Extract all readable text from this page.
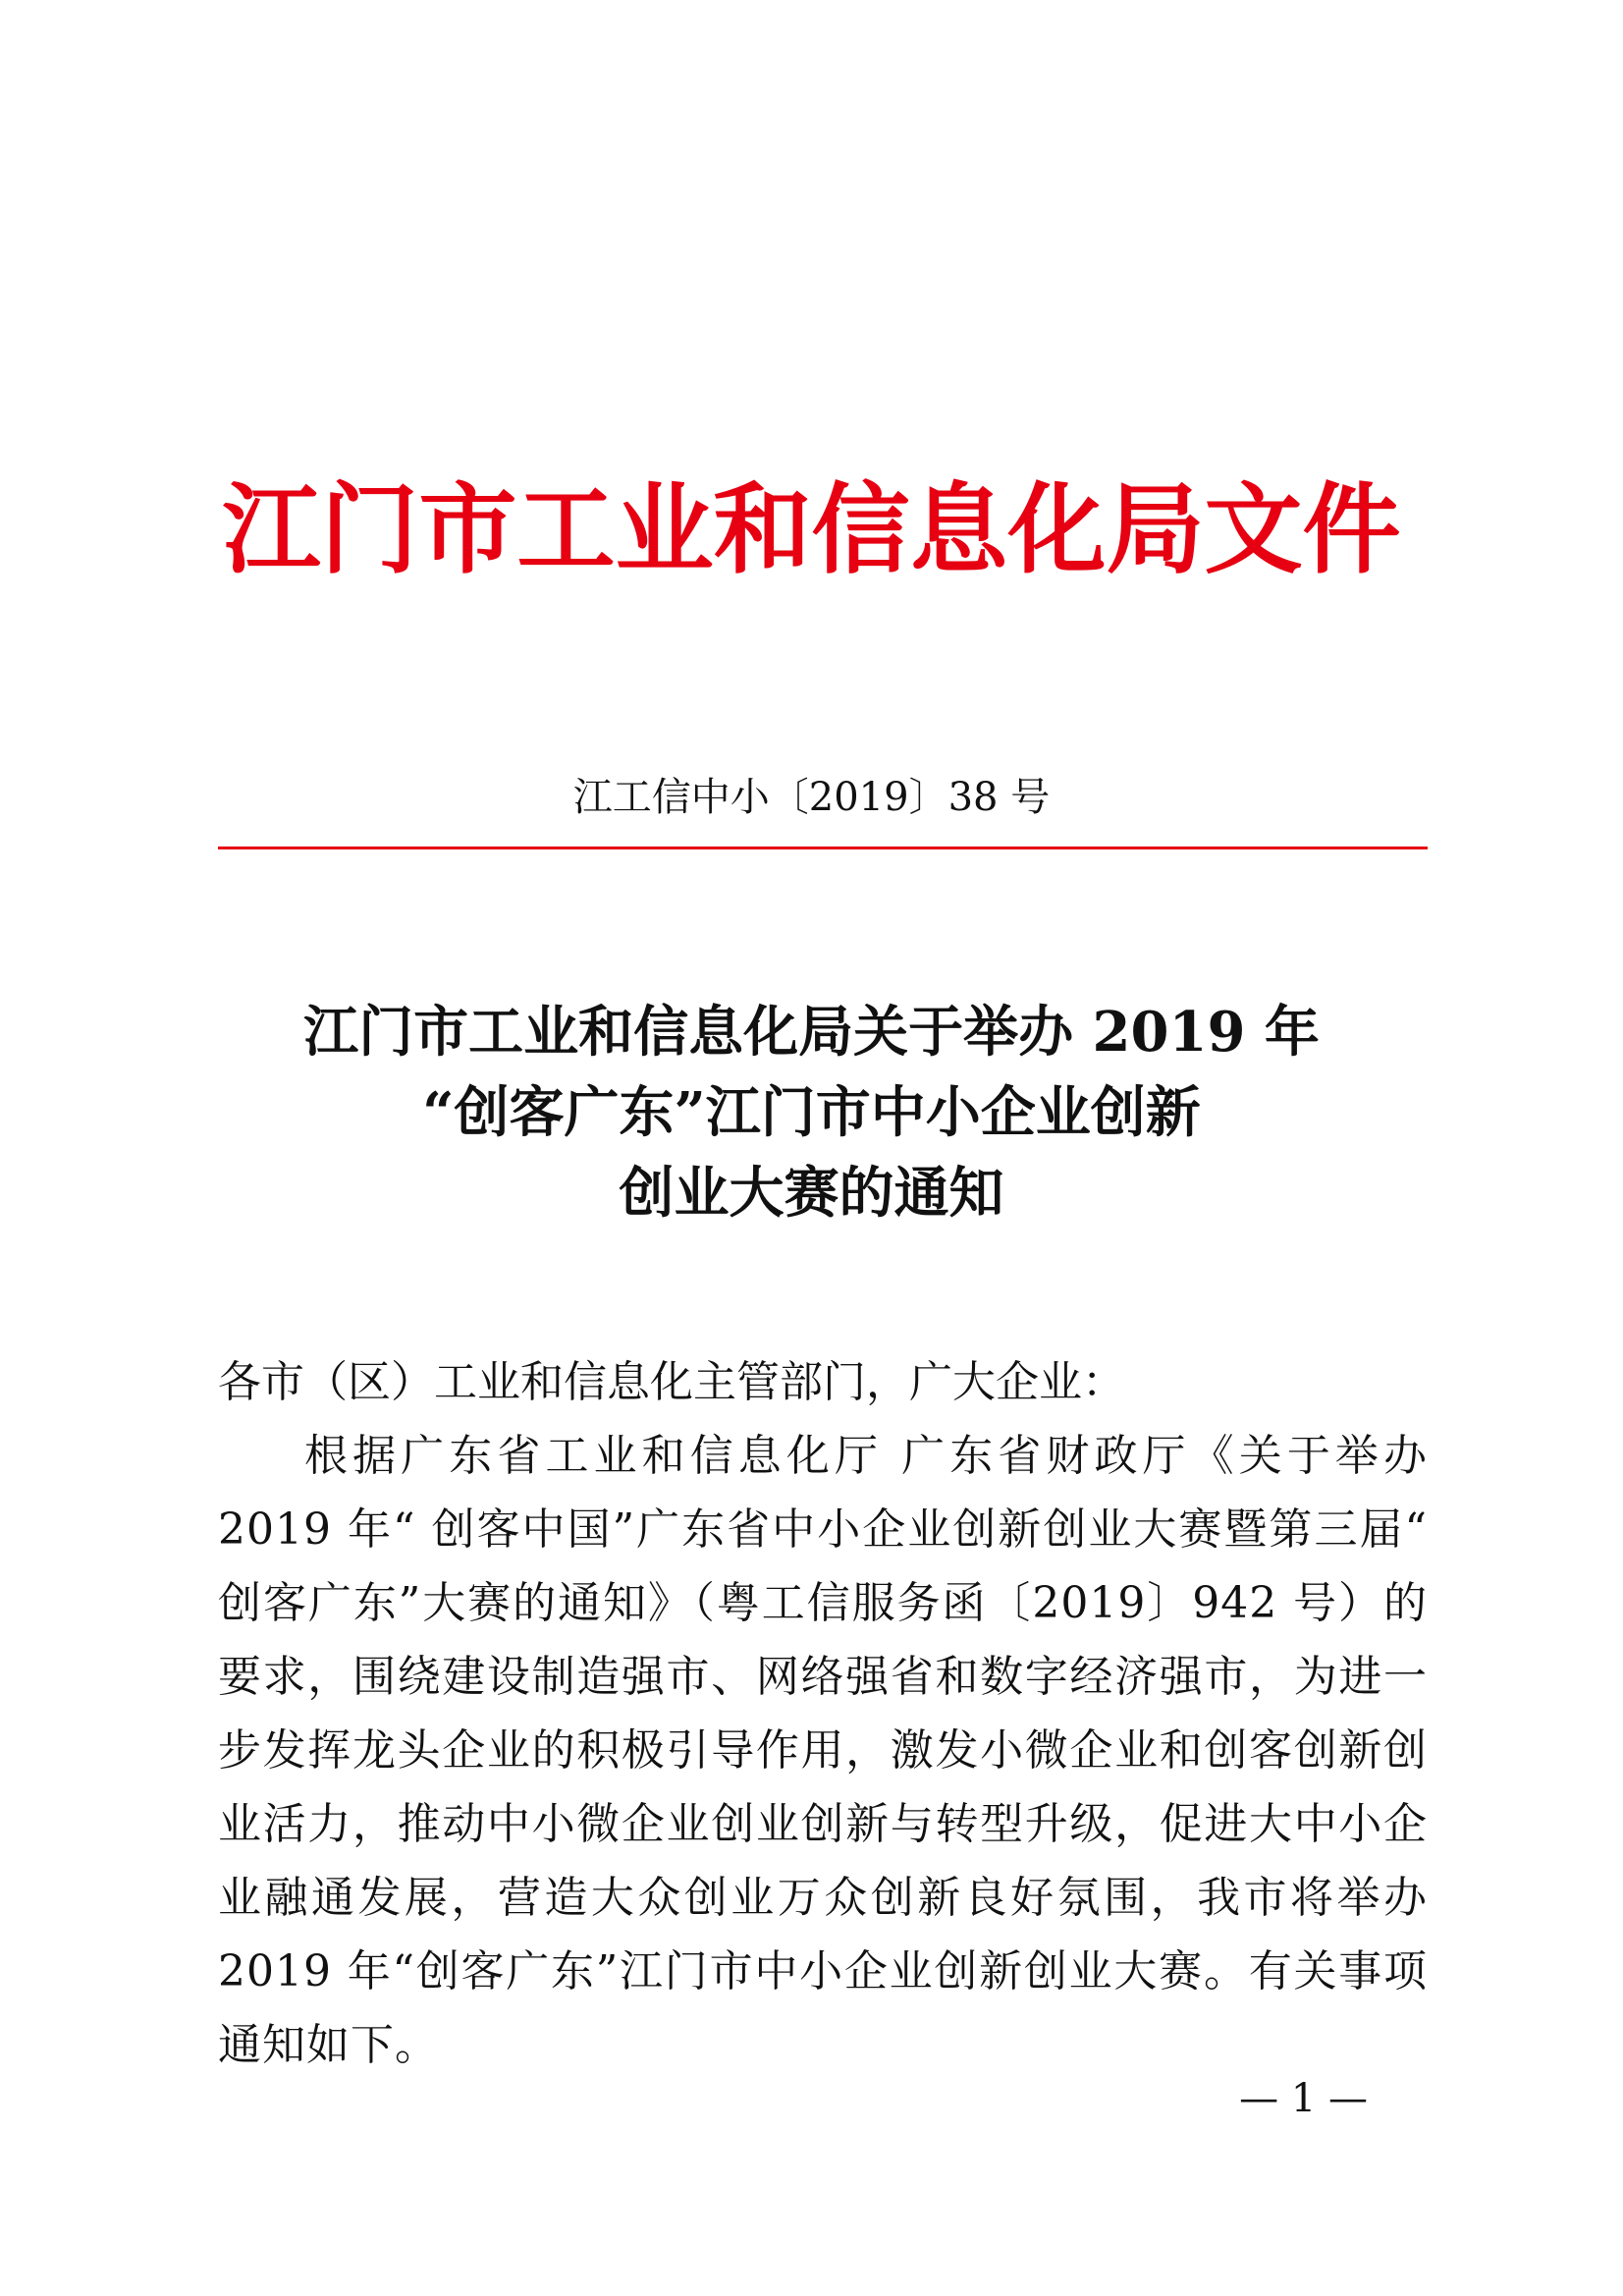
江门市工业和信息化局文件
江工信中小〔2019〕38 号
江门市工业和信息化局关于举办 2019 年
“创客广东”江门市中小企业创新
创业大赛的通知
各市（区）工业和信息化主管部门，广大企业：
根据广东省工业和信息化厅 广东省财政厅《关于举办 2019 年“ 创客中国”广东省中小企业创新创业大赛暨第三届“ 创客广东”大赛的通知》（粤工信服务函〔2019〕942 号）的要求，围绕建设制造强市、网络强省和数字经济强市，为进一步发挥龙头企业的积极引导作用，激发小微企业和创客创新创业活力，推动中小微企业创业创新与转型升级，促进大中小企业融通发展，营造大众创业万众创新良好氛围，我市将举办 2019 年“创客广东”江门市中小企业创新创业大赛。有关事项通知如下。
— 1 —
